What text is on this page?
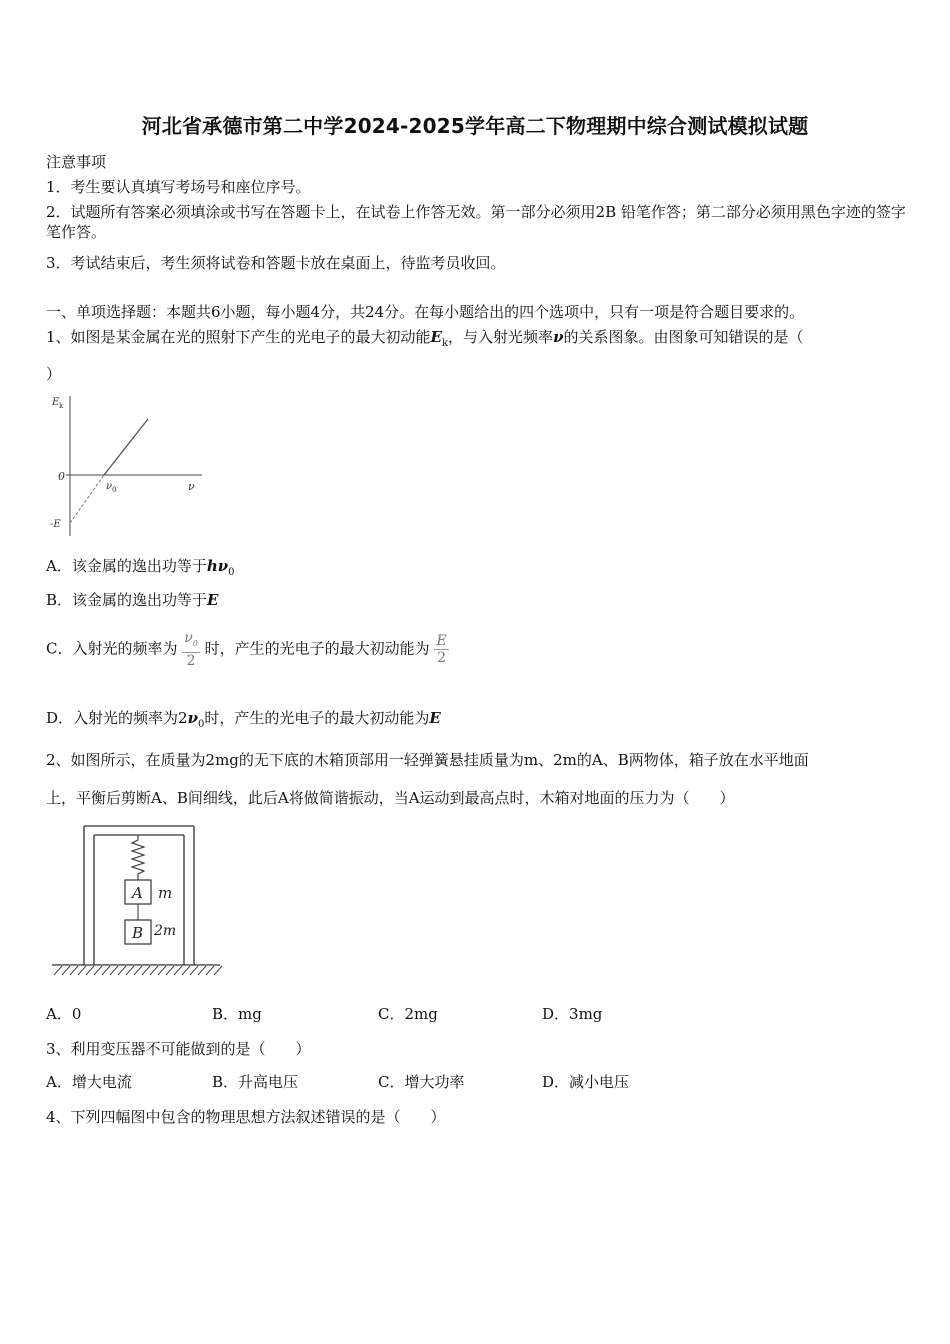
河北省承德市第二中学2024-2025学年高二下物理期中综合测试模拟试题
注意事项
1．考生要认真填写考场号和座位序号。
2．试题所有答案必须填涂或书写在答题卡上，在试卷上作答无效。第一部分必须用2B 铅笔作答；第二部分必须用黑色字迹的签字笔作答。
3．考试结束后，考生须将试卷和答题卡放在桌面上，待监考员收回。
一、单项选择题：本题共6小题，每小题4分，共24分。在每小题给出的四个选项中，只有一项是符合题目要求的。
1、如图是某金属在光的照射下产生的光电子的最大初动能$E_k$，与入射光频率ν的关系图象。由图象可知错误的是（
）
E k
0
ν
ν 0
-E
A．该金属的逸出功等于$h\nu_0$
B．该金属的逸出功等于E
C．入射光的频率为 $\frac{\nu_0}{2}$ 时，产生的光电子的最大初动能为 $\frac{E}{2}$
D．入射光的频率为$2\nu_0$时，产生的光电子的最大初动能为E
2、如图所示，在质量为2mg的无下底的木箱顶部用一轻弹簧悬挂质量为m、2m的A、B两物体，箱子放在水平地面
上，平衡后剪断A、B间细线，此后A将做简谐振动，当A运动到最高点时，木箱对地面的压力为（　　）
A m
B 2m
A．0	B．mg	C．2mg	D．3mg
3、利用变压器不可能做到的是（　　）
A．增大电流	B．升高电压	C．增大功率	D．减小电压
4、下列四幅图中包含的物理思想方法叙述错误的是（　　）
